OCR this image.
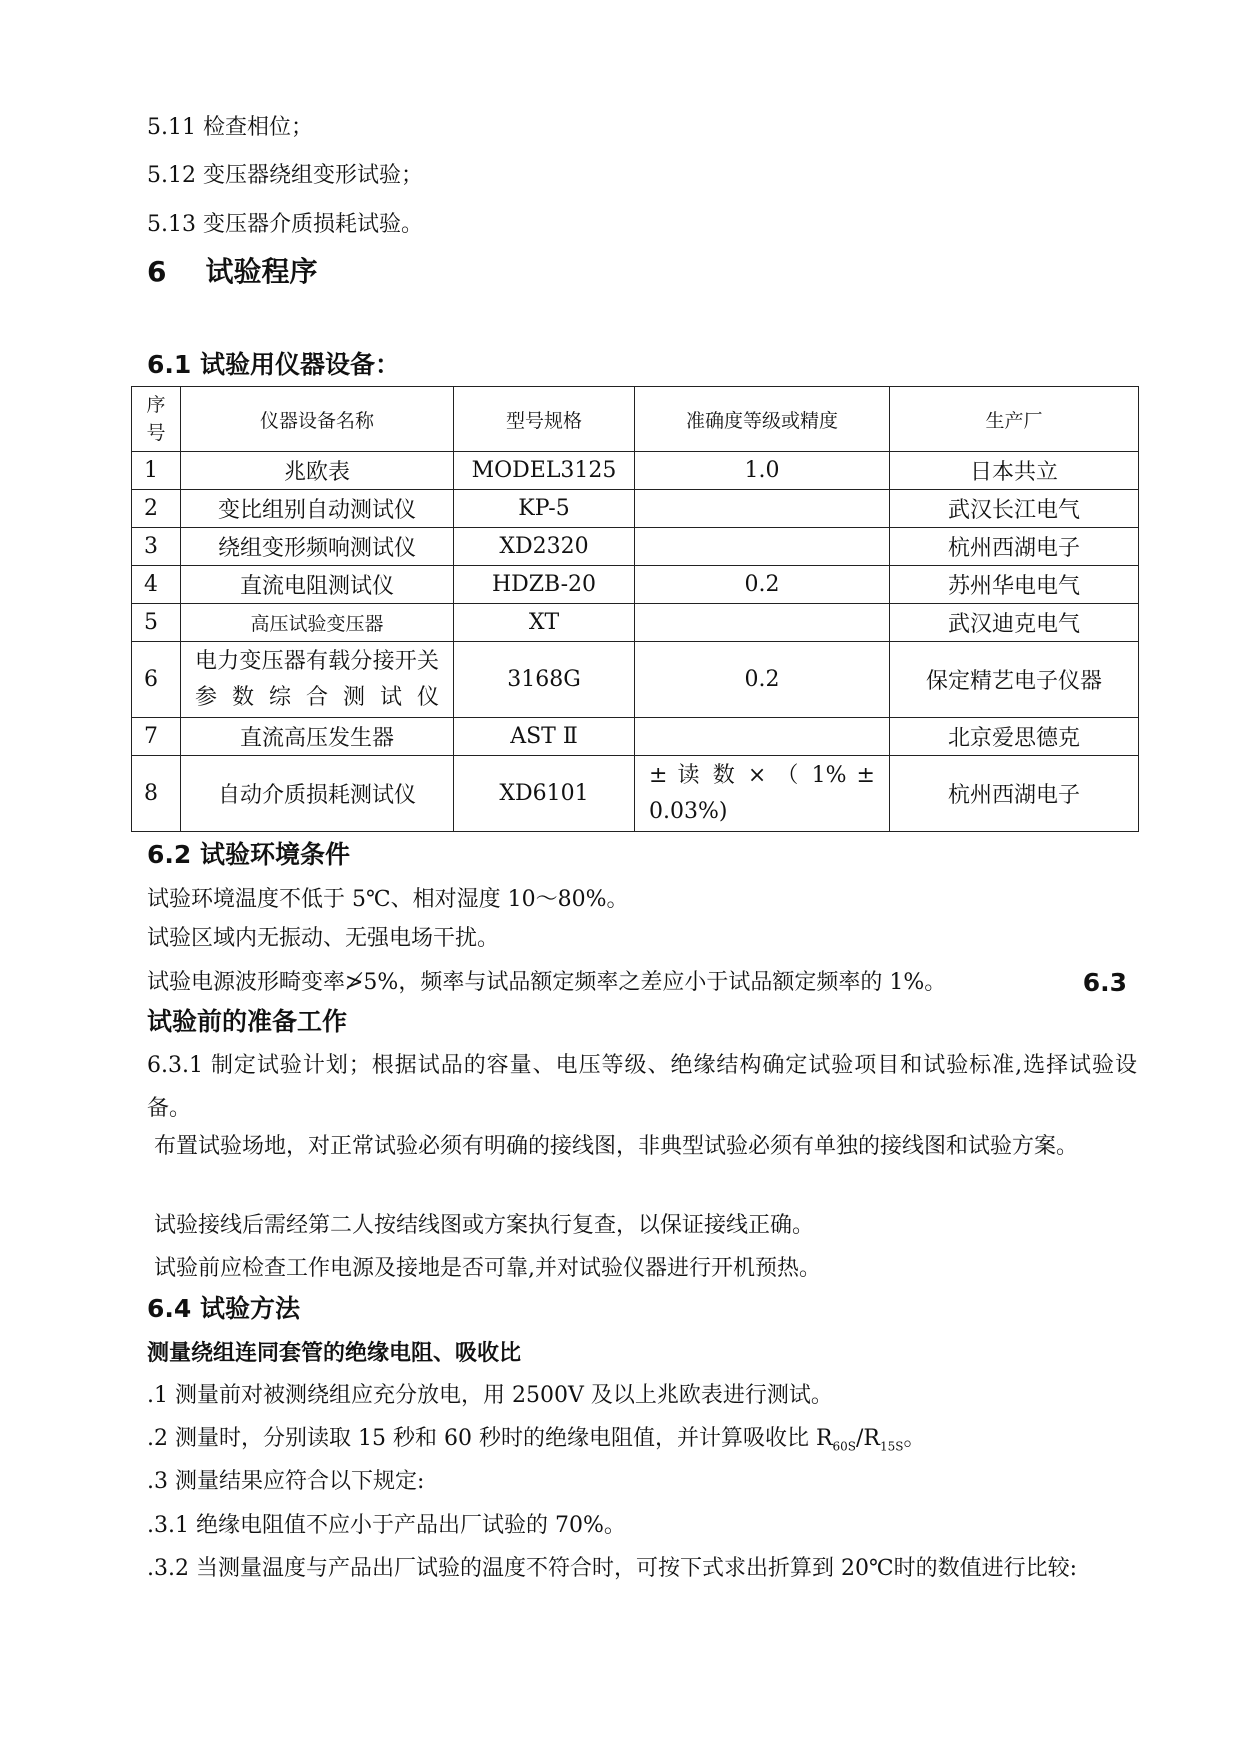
5.11 检查相位；
5.12 变压器绕组变形试验；
5.13 变压器介质损耗试验。
6    试验程序
6.1 试验用仪器设备：
序
号	仪器设备名称	型号规格	准确度等级或精度	生产厂
1	兆欧表	MODEL3125	1.0	日本共立
2	变比组别自动测试仪	KP-5		武汉长江电气
3	绕组变形频响测试仪	XD2320		杭州西湖电子
4	直流电阻测试仪	HDZB-20	0.2	苏州华电电气
5	高压试验变压器	XT		武汉迪克电气
6	电力变压器有载分接开关参数综合测试仪	3168G	0.2	保定精艺电子仪器
7	直流高压发生器	AST Ⅱ		北京爱思德克
8	自动介质损耗测试仪	XD6101	± 读 数 × （ 1% ± 0.03%)	杭州西湖电子
6.2 试验环境条件
试验环境温度不低于 5℃、相对湿度 10～80%。
试验区域内无振动、无强电场干扰。
试验电源波形畸变率≯5%，频率与试品额定频率之差应小于试品额定频率的 1%。	6.3
试验前的准备工作
6.3.1 制定试验计划；根据试品的容量、电压等级、绝缘结构确定试验项目和试验标准,选择试验设备。
布置试验场地，对正常试验必须有明确的接线图，非典型试验必须有单独的接线图和试验方案。
试验接线后需经第二人按结线图或方案执行复查，以保证接线正确。
试验前应检查工作电源及接地是否可靠,并对试验仪器进行开机预热。
6.4 试验方法
测量绕组连同套管的绝缘电阻、吸收比
.1 测量前对被测绕组应充分放电，用 2500V 及以上兆欧表进行测试。
.2 测量时，分别读取 15 秒和 60 秒时的绝缘电阻值，并计算吸收比 $R_{60S}/R_{15S}$。
.3 测量结果应符合以下规定:
.3.1 绝缘电阻值不应小于产品出厂试验的 70%。
.3.2 当测量温度与产品出厂试验的温度不符合时，可按下式求出折算到 20℃时的数值进行比较:
